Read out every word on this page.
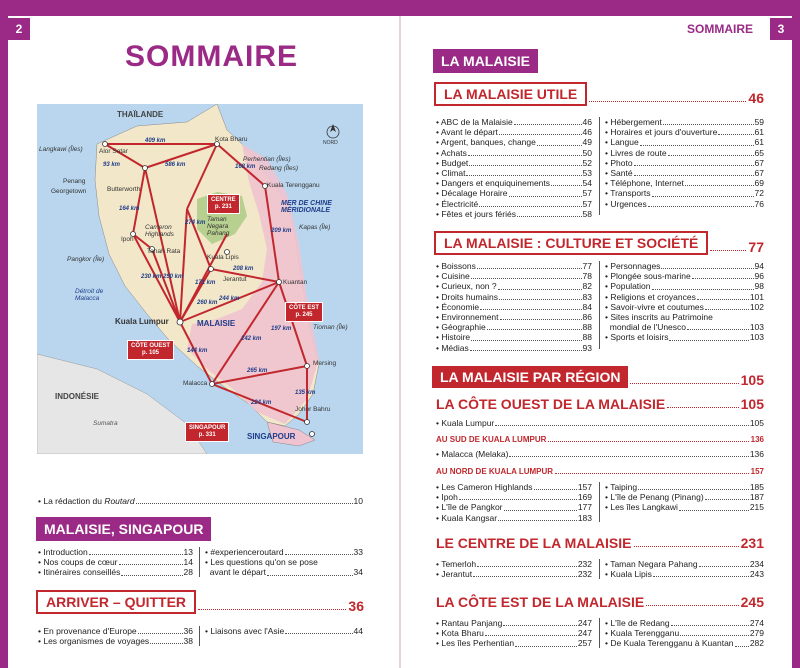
2	3
SOMMAIRE
SOMMAIRE
THAÏLANDE
Kota Bharu
Alor Setar
Langkawi (Îles)
Perhentian (Îles)
Redang (Îles)
Penang
Georgetown	Butterworth
Kuala Terengganu
MER DE CHINE MÉRIDIONALE
Kapas (Île)
Cameron Highlands
Ipoh
Tanah Rata
Taman Negara Pahang
Pangkor (Île)	Kuala Lipis
Jerantut	Kuantan
Détroit de Malacca
Kuala Lumpur	MALAISIE	Tioman (Île)
Mersing
INDONÉSIE
Malacca
Johor Bahru
Sumatra
SINGAPOUR
NORD
CENTRE
p. 231
CÔTE EST
p. 245
CÔTE OUEST
p. 105
SINGAPOUR
p. 331
409 km
586 km	168 km
93 km
164 km
274 km
209 km
290 km
230 km
208 km
171 km
244 km
260 km
242 km
197 km
144 km
265 km
224 km
135 km
• La rédaction du Routard	10
MALAISIE, SINGAPOUR
• Introduction	13
• Nos coups de cœur	14
• Itinéraires conseillés	28
• #experienceroutard	33
• Les questions qu'on se pose
avant le départ	34
ARRIVER – QUITTER	36
• En provenance d'Europe	36
• Les organismes de voyages	38
• Liaisons avec l'Asie	44
LA MALAISIE
LA MALAISIE UTILE	46
• ABC de la Malaisie	46
• Avant le départ	46
• Argent, banques, change	49
• Achats	50
• Budget	52
• Climat	53
• Dangers et enquiquinements	54
• Décalage Horaire	57
• Électricité	57
• Fêtes et jours fériés	58
• Hébergement	59
• Horaires et jours d'ouverture	61
• Langue	61
• Livres de route	65
• Photo	67
• Santé	67
• Téléphone, Internet	69
• Transports	72
• Urgences	76
LA MALAISIE : CULTURE ET SOCIÉTÉ	77
• Boissons	77
• Cuisine	78
• Curieux, non ?	82
• Droits humains	83
• Économie	84
• Environnement	86
• Géographie	88
• Histoire	88
• Médias	93
• Personnages	94
• Plongée sous-marine	96
• Population	98
• Religions et croyances	101
• Savoir-vivre et coutumes	102
• Sites inscrits au Patrimoine
mondial de l'Unesco	103
• Sports et loisirs	103
LA MALAISIE PAR RÉGION	105
LA CÔTE OUEST DE LA MALAISIE	105
• Kuala Lumpur	105
AU SUD DE KUALA LUMPUR	136
• Malacca (Melaka)	136
AU NORD DE KUALA LUMPUR	157
• Les Cameron Highlands	157
• Ipoh	169
• L'île de Pangkor	177
• Kuala Kangsar	183
• Taiping	185
• L'île de Penang (Pinang)	187
• Les îles Langkawi	215
LE CENTRE DE LA MALAISIE	231
• Temerloh	232
• Jerantut	232
• Taman Negara Pahang	234
• Kuala Lipis	243
LA CÔTE EST DE LA MALAISIE	245
• Rantau Panjang	247
• Kota Bharu	247
• Les îles Perhentian	257
• L'île de Redang	274
• Kuala Terengganu	279
• De Kuala Terengganu à Kuantan 282
